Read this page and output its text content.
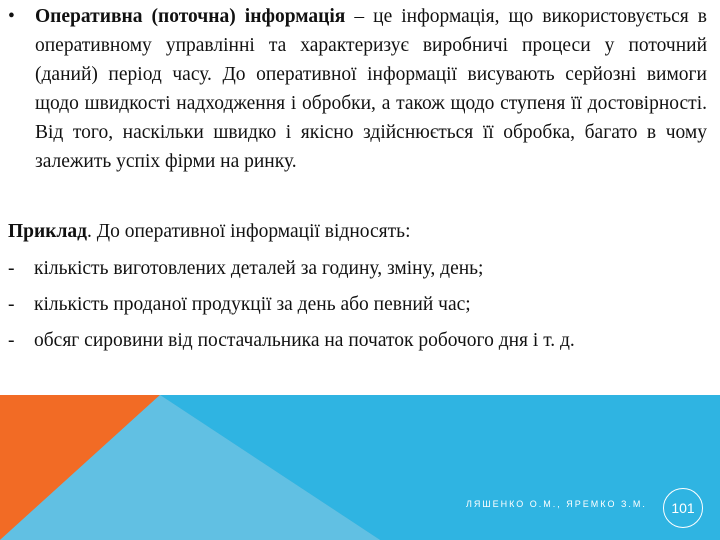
• Оперативна (поточна) інформація – це інформація, що використовується в оперативному управлінні та характеризує виробничі процеси у поточний (даний) період часу. До оперативної інформації висувають серйозні вимоги щодо швидкості надходження і обробки, а також щодо ступеня її достовірності. Від того, наскільки швидко і якісно здійснюється її обробка, багато в чому залежить успіх фірми на ринку.
Приклад. До оперативної інформації відносять:
- кількість виготовлених деталей за годину, зміну, день;
- кількість проданої продукції за день або певний час;
- обсяг сировини від постачальника на початок робочого дня і т. д.
ЛЯШЕНКО О.М., ЯРЕМКО З.М.	101
